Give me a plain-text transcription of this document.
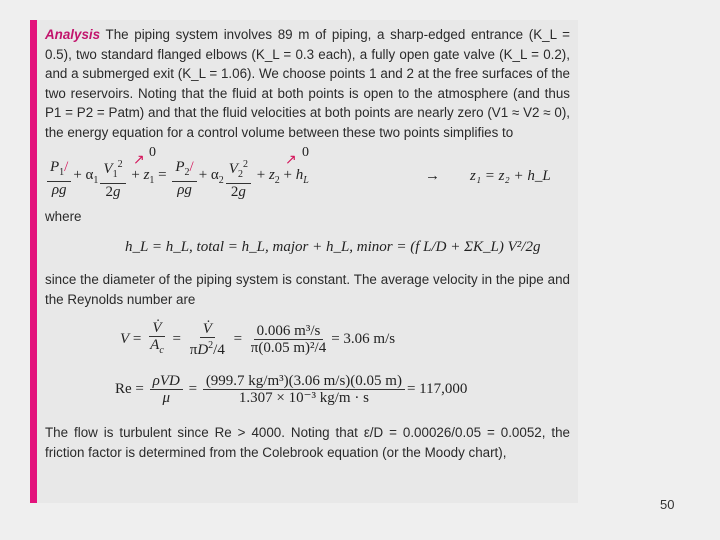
Analysis The piping system involves 89 m of piping, a sharp-edged entrance (K_L = 0.5), two standard flanged elbows (K_L = 0.3 each), a fully open gate valve (K_L = 0.2), and a submerged exit (K_L = 1.06). We choose points 1 and 2 at the free surfaces of the two reservoirs. Noting that the fluid at both points is open to the atmosphere (and thus P1 = P2 = Patm) and that the fluid velocities at both points are nearly zero (V1 ≈ V2 ≈ 0), the energy equation for a control volume between these two points simplifies to

0
↗
0
↗
$\frac{P_1/}{\rho g} + \alpha_1 \frac{V_1^2}{2g} + z_1 = \frac{P_2/}{\rho g} + \alpha_2 \frac{V_2^2}{2g} + z_2 + h_L$	→ z₁ = z₂ + h_L

where

h_L = h_L, total = h_L, major + h_L, minor = (f L/D + ΣK_L) V²/2g

since the diameter of the piping system is constant. The average velocity in the pipe and the Reynolds number are

$V = \frac{V̇}{A_c} = \frac{V̇}{\pi D^2/4} = \frac{\text{0.006 m³/s}}{\text{π(0.05 m)²/4}} = 3.06$ m/s
$Re = \frac{\text{ρVD}}{\mu} = \frac{\text{(999.7 kg/m³)(3.06 m/s)(0.05 m)}}{\text{1.307 × 10⁻³ kg/m · s}} = 117,000$

The flow is turbulent since Re > 4000. Noting that ε/D = 0.00026/0.05 = 0.0052, the friction factor is determined from the Colebrook equation (or the Moody chart),

50
